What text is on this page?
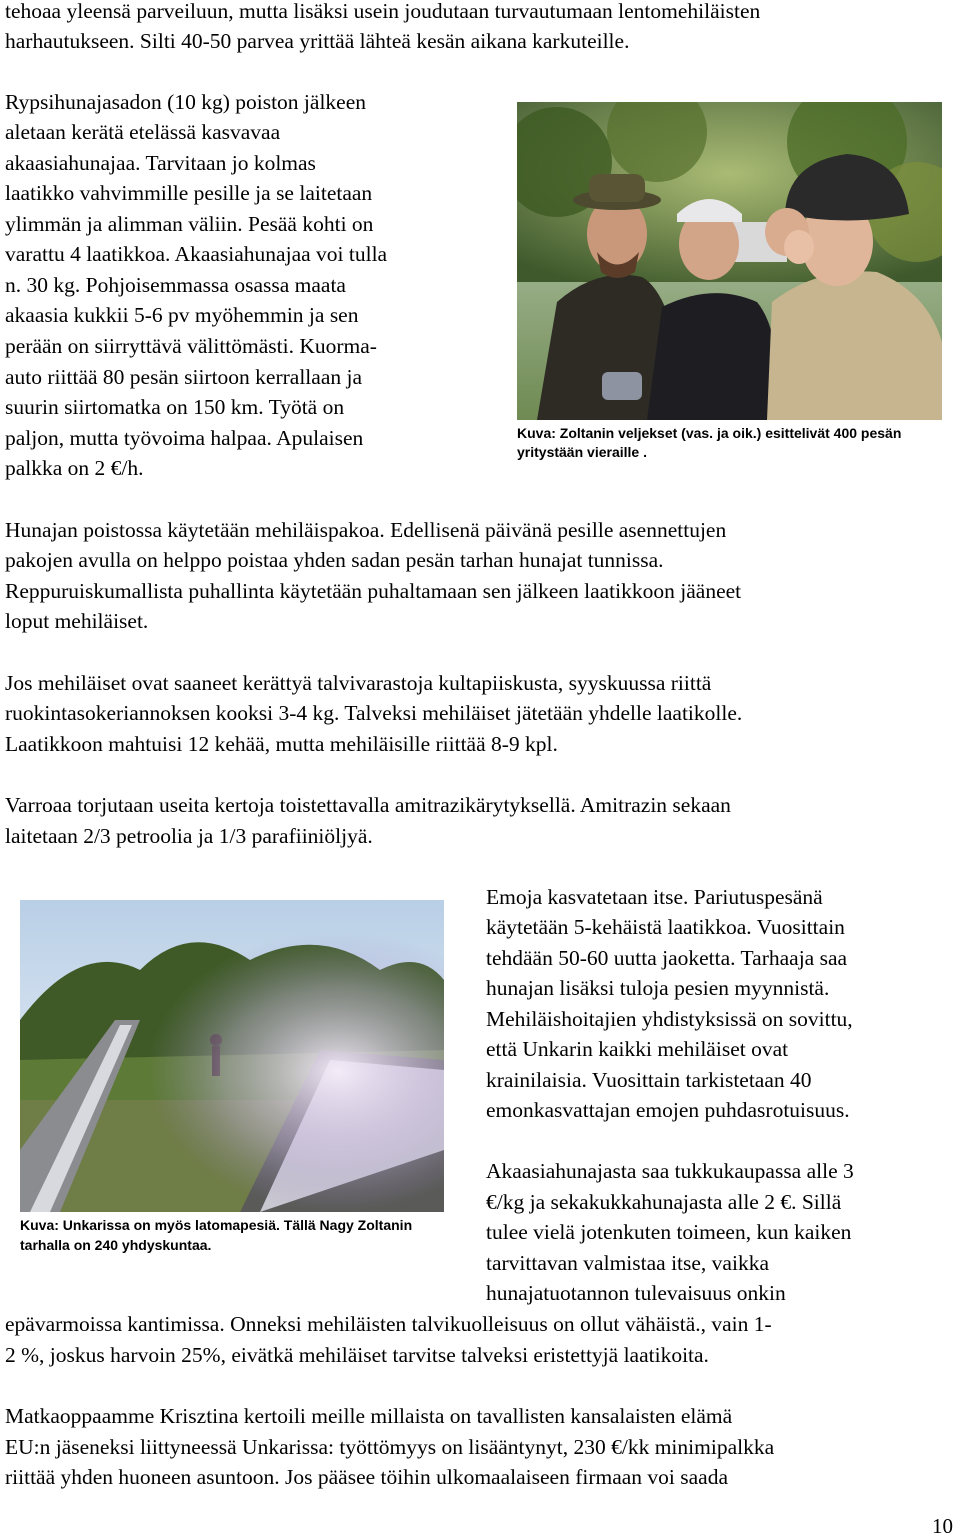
tehoaa yleensä parveiluun, mutta lisäksi usein joudutaan turvautumaan lentomehiläisten

harhautukseen. Silti 40-50 parvea yrittää lähteä kesän aikana karkuteille.

Rypsihunajasadon (10 kg) poiston jälkeen

aletaan kerätä etelässä kasvavaa

akaasiahunajaa. Tarvitaan jo kolmas

laatikko vahvimmille pesille ja se laitetaan

ylimmän ja alimman väliin. Pesää kohti on

varattu 4 laatikkoa. Akaasiahunajaa voi tulla

n. 30 kg. Pohjoisemmassa osassa maata

akaasia kukkii 5-6 pv myöhemmin ja sen

perään on siirryttävä välittömästi. Kuorma-

auto riittää 80 pesän siirtoon kerrallaan ja

suurin siirtomatka on 150 km. Työtä on

paljon, mutta työvoima halpaa. Apulaisen

palkka on 2 €/h.

Kuva: Zoltanin veljekset (vas. ja oik.) esittelivät 400 pesän

yritystään vieraille .

Hunajan poistossa käytetään mehiläispakoa. Edellisenä päivänä pesille asennettujen

pakojen avulla on helppo poistaa yhden sadan pesän tarhan hunajat tunnissa.

Reppuruiskumallista puhallinta käytetään puhaltamaan sen jälkeen laatikkoon jääneet

loput mehiläiset.

Jos mehiläiset ovat saaneet kerättyä talvivarastoja kultapiiskusta, syyskuussa riittä

ruokintasokeriannoksen kooksi 3-4 kg. Talveksi mehiläiset jätetään yhdelle laatikolle.

Laatikkoon mahtuisi 12 kehää, mutta mehiläisille riittää 8-9 kpl.

Varroaa torjutaan useita kertoja toistettavalla amitrazikärytyksellä. Amitrazin sekaan

laitetaan 2/3 petroolia ja 1/3 parafiiniöljyä.

Kuva: Unkarissa on myös latomapesiä. Tällä Nagy Zoltanin

tarhalla on 240 yhdyskuntaa.

Emoja kasvatetaan itse. Pariutuspesänä

käytetään 5-kehäistä laatikkoa. Vuosittain

tehdään 50-60 uutta jaoketta. Tarhaaja saa

hunajan lisäksi tuloja pesien myynnistä.

Mehiläishoitajien yhdistyksissä on sovittu,

että Unkarin kaikki mehiläiset ovat

krainilaisia. Vuosittain tarkistetaan 40

emonkasvattajan emojen puhdasrotuisuus.

Akaasiahunajasta saa tukkukaupassa alle 3

€/kg ja sekakukkahunajasta alle 2 €. Sillä

tulee vielä jotenkuten toimeen, kun kaiken

tarvittavan valmistaa itse, vaikka

hunajatuotannon tulevaisuus onkin

epävarmoissa kantimissa. Onneksi mehiläisten talvikuolleisuus on ollut vähäistä., vain 1-

2 %, joskus harvoin 25%, eivätkä mehiläiset tarvitse talveksi eristettyjä laatikoita.

Matkaoppaamme Krisztina kertoili meille millaista on tavallisten kansalaisten elämä

EU:n jäseneksi liittyneessä Unkarissa: työttömyys on lisääntynyt, 230 €/kk minimipalkka

riittää yhden huoneen asuntoon. Jos pääsee töihin ulkomaalaiseen firmaan voi saada

10
